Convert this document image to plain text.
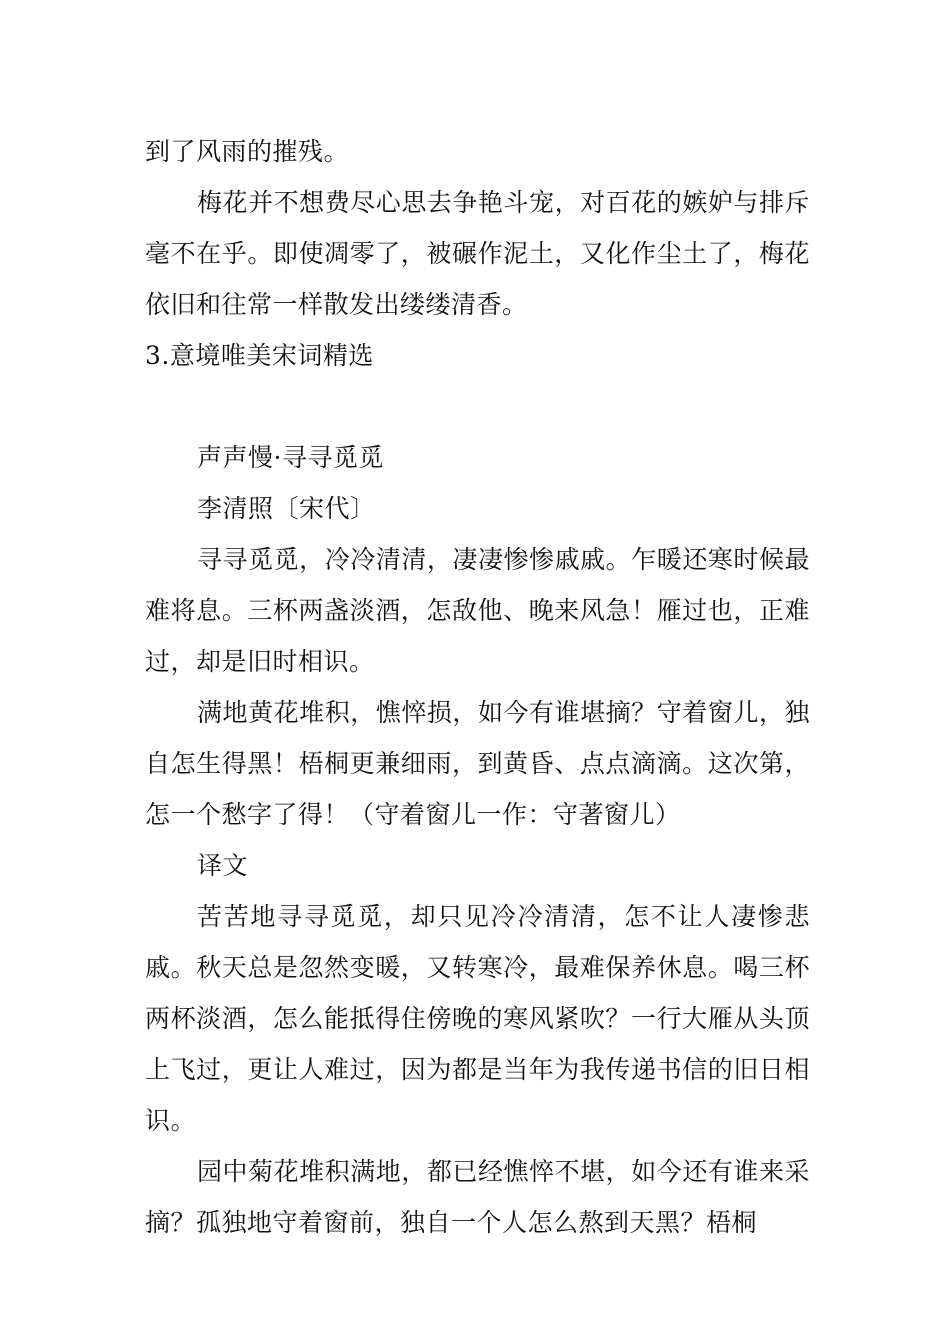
到了风雨的摧残。

梅花并不想费尽心思去争艳斗宠，对百花的嫉妒与排斥毫不在乎。即使凋零了，被碾作泥土，又化作尘土了，梅花依旧和往常一样散发出缕缕清香。

3.意境唯美宋词精选

声声慢·寻寻觅觅

李清照〔宋代〕

寻寻觅觅，冷冷清清，凄凄惨惨戚戚。乍暖还寒时候最难将息。三杯两盏淡酒，怎敌他、晚来风急！雁过也，正难过，却是旧时相识。

满地黄花堆积，憔悴损，如今有谁堪摘？守着窗儿，独自怎生得黑！梧桐更兼细雨，到黄昏、点点滴滴。这次第，怎一个愁字了得！（守着窗儿一作：守著窗儿）

译文

苦苦地寻寻觅觅，却只见冷冷清清，怎不让人凄惨悲戚。秋天总是忽然变暖，又转寒冷，最难保养休息。喝三杯两杯淡酒，怎么能抵得住傍晚的寒风紧吹？一行大雁从头顶上飞过，更让人难过，因为都是当年为我传递书信的旧日相识。

园中菊花堆积满地，都已经憔悴不堪，如今还有谁来采摘？孤独地守着窗前，独自一个人怎么熬到天黑？梧桐
